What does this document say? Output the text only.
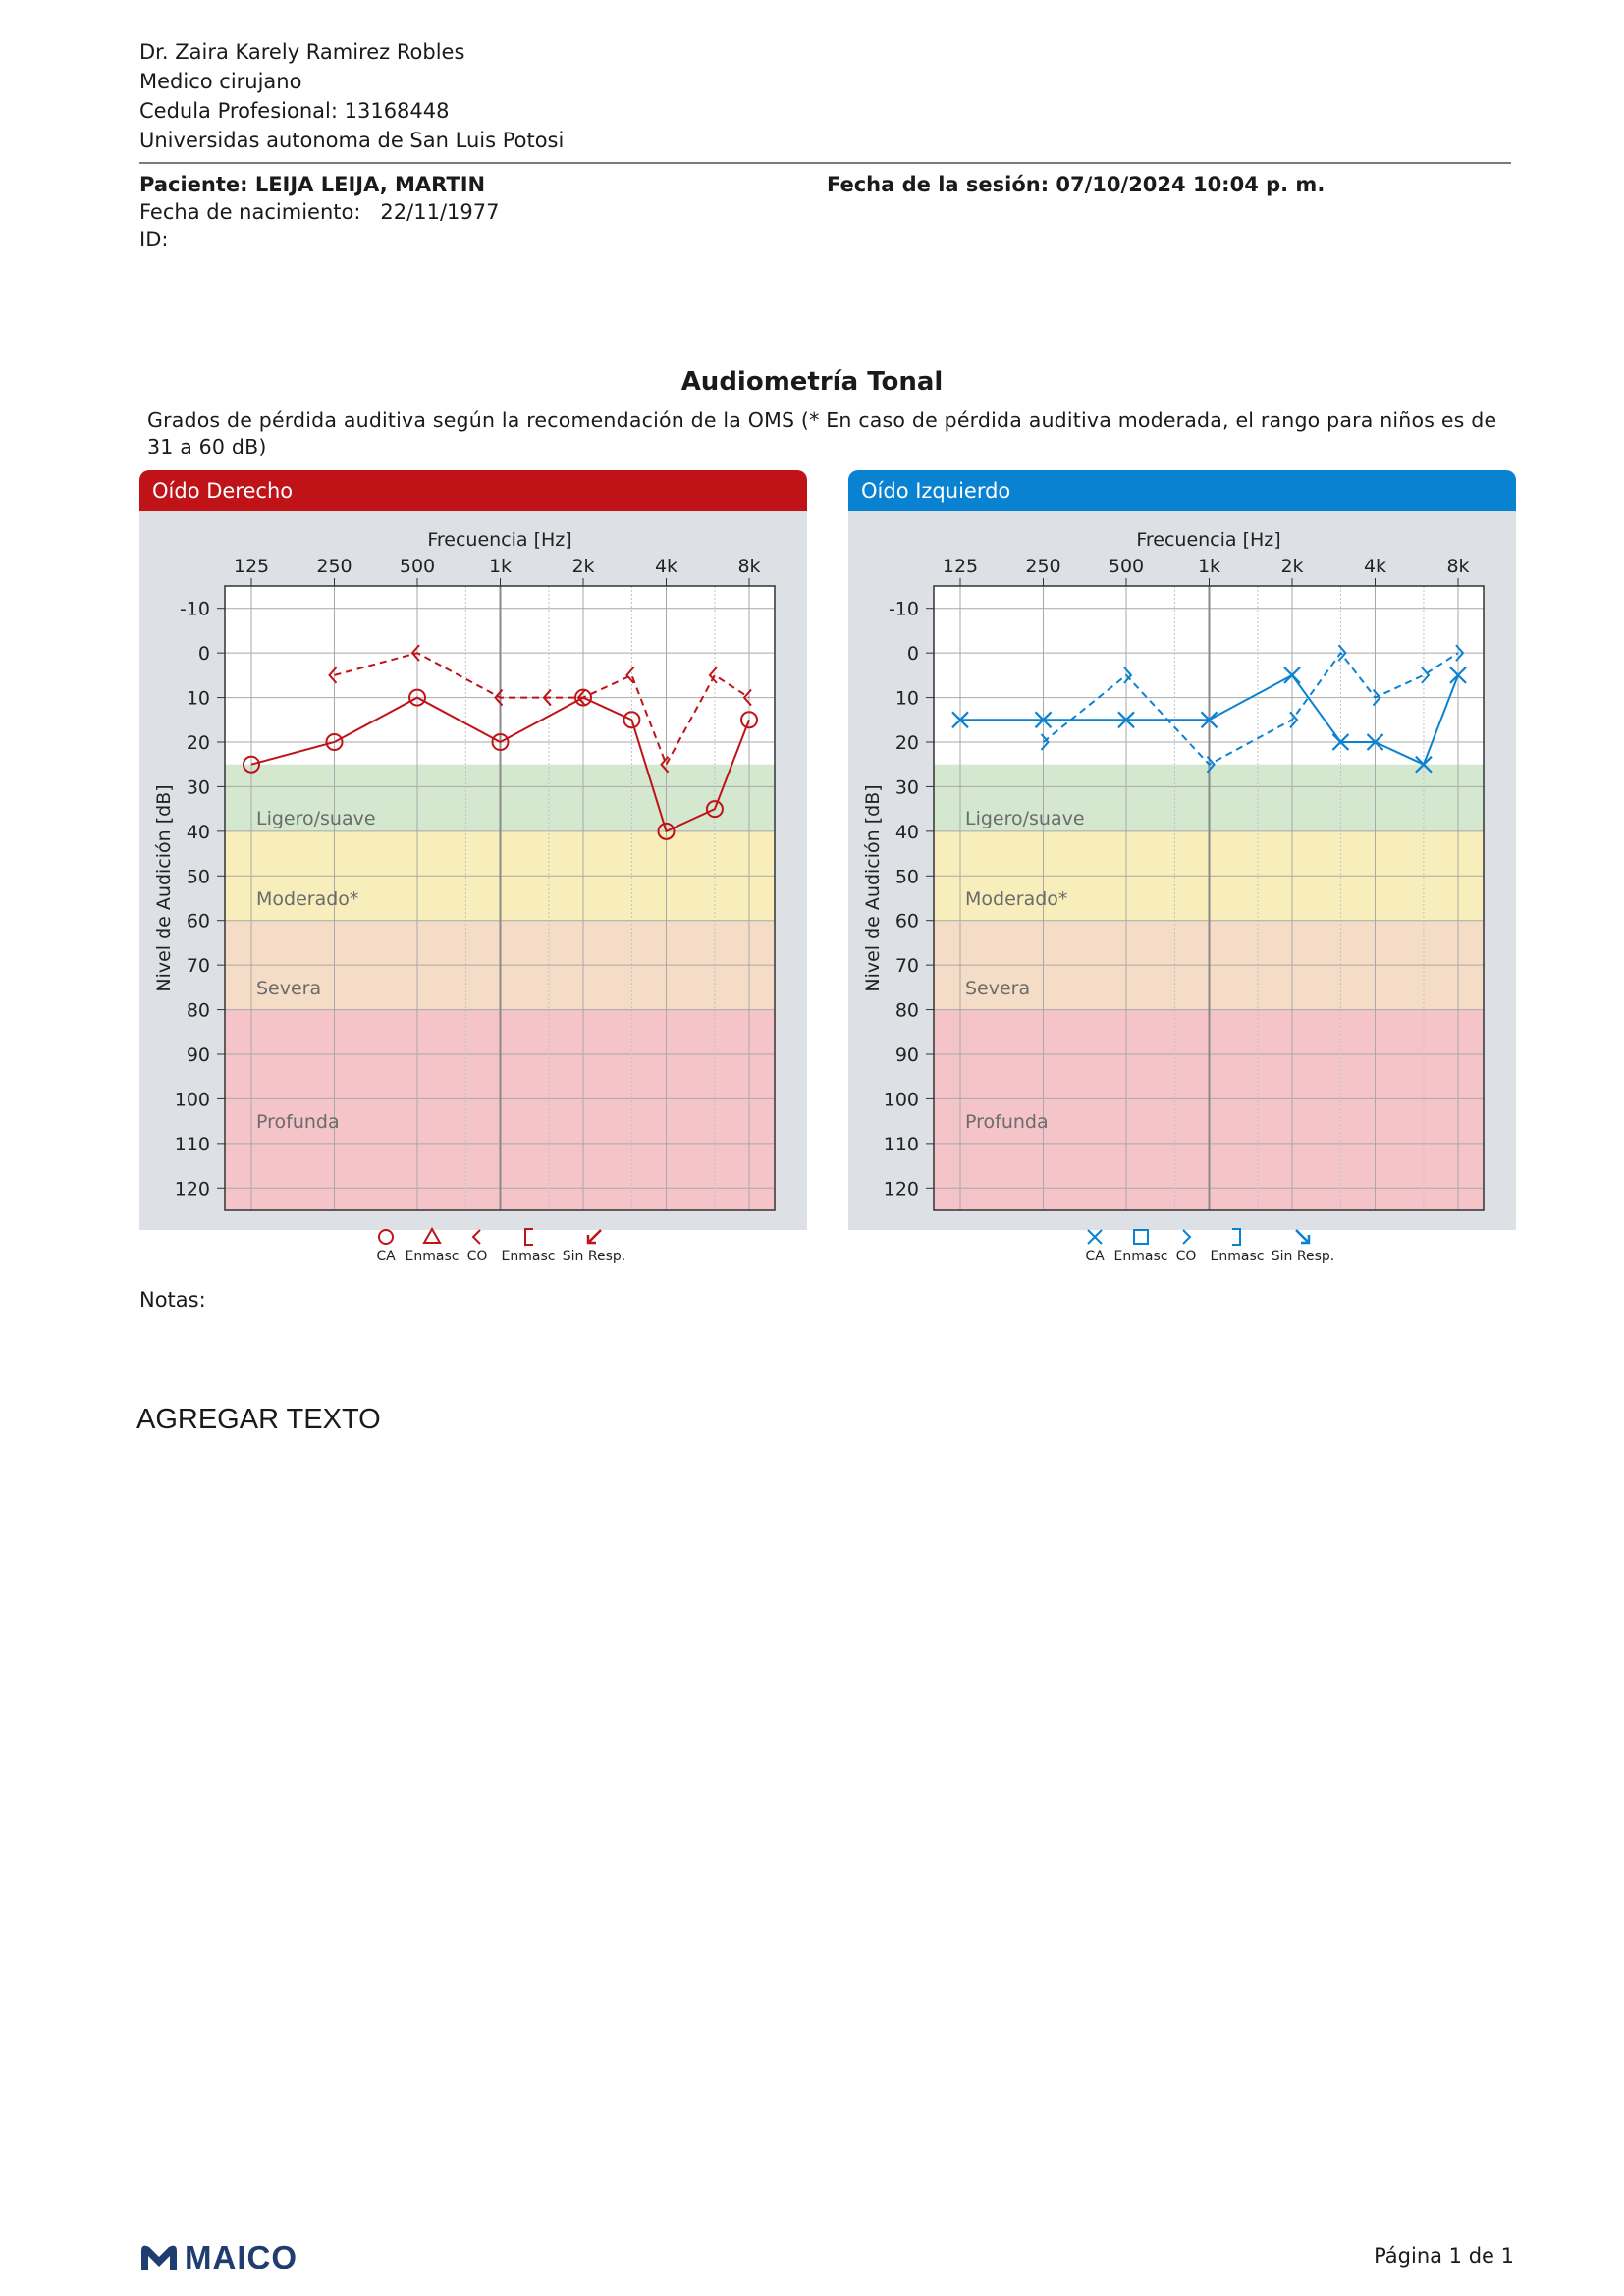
Dr. Zaira Karely Ramirez Robles
Medico cirujano
Cedula Profesional: 13168448
Universidas autonoma de San Luis Potosi
Paciente: LEIJA LEIJA, MARTIN
Fecha de nacimiento: 22/11/1977
ID:
Fecha de la sesión: 07/10/2024 10:04 p. m.
Audiometría Tonal
Grados de pérdida auditiva según la recomendación de la OMS (* En caso de pérdida auditiva moderada, el rango para niños es de 31 a 60 dB)
Oído Derecho
Ligero/suave
Moderado*
Severa
Profunda
Frecuencia [Hz]
125	250	500	1k	2k	4k	8k
-10
0
10
20
30
40
50
60
70
80
90
100
110
120
Nivel de Audición [dB]
CA Enmasc CO Enmasc Sin Resp.
Oído Izquierdo
Ligero/suave
Moderado*
Severa
Profunda
Frecuencia [Hz]
125	250	500	1k	2k	4k	8k
-10
0
10
20
30
40
50
60
70
80
90
100
110
120
Nivel de Audición [dB]
CA Enmasc CO Enmasc Sin Resp.
Notas:
AGREGAR TEXTO
MAICO	Página 1 de 1
